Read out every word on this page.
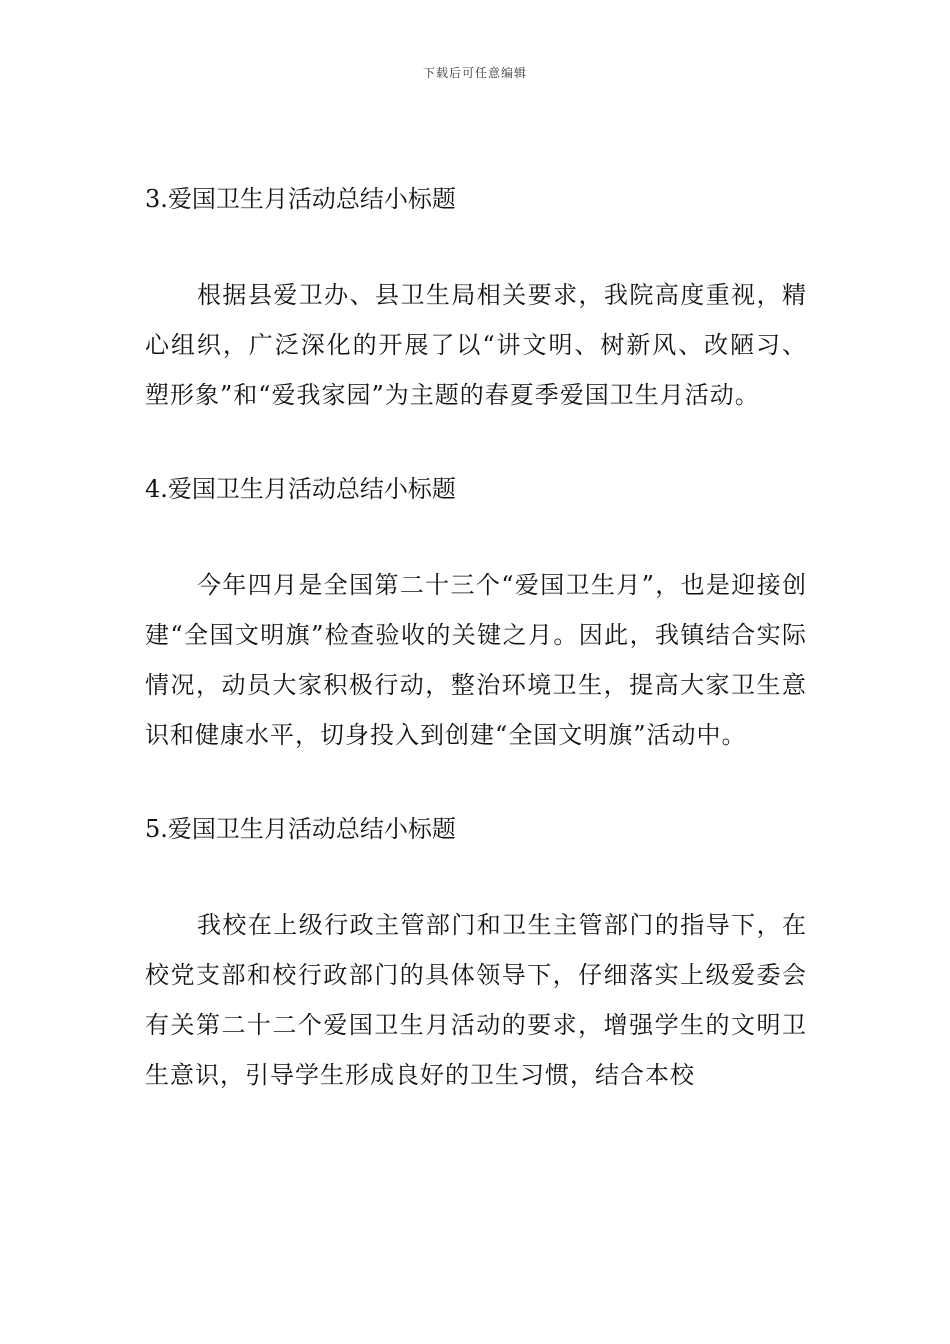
下载后可任意编辑
3.爱国卫生月活动总结小标题

根据县爱卫办、县卫生局相关要求，我院高度重视，精心组织，广泛深化的开展了以“讲文明、树新风、改陋习、塑形象”和“爱我家园”为主题的春夏季爱国卫生月活动。

4.爱国卫生月活动总结小标题

今年四月是全国第二十三个“爱国卫生月”，也是迎接创建“全国文明旗”检查验收的关键之月。因此，我镇结合实际情况，动员大家积极行动，整治环境卫生，提高大家卫生意识和健康水平，切身投入到创建“全国文明旗”活动中。

5.爱国卫生月活动总结小标题

我校在上级行政主管部门和卫生主管部门的指导下，在校党支部和校行政部门的具体领导下，仔细落实上级爱委会有关第二十二个爱国卫生月活动的要求，增强学生的文明卫生意识，引导学生形成良好的卫生习惯，结合本校
